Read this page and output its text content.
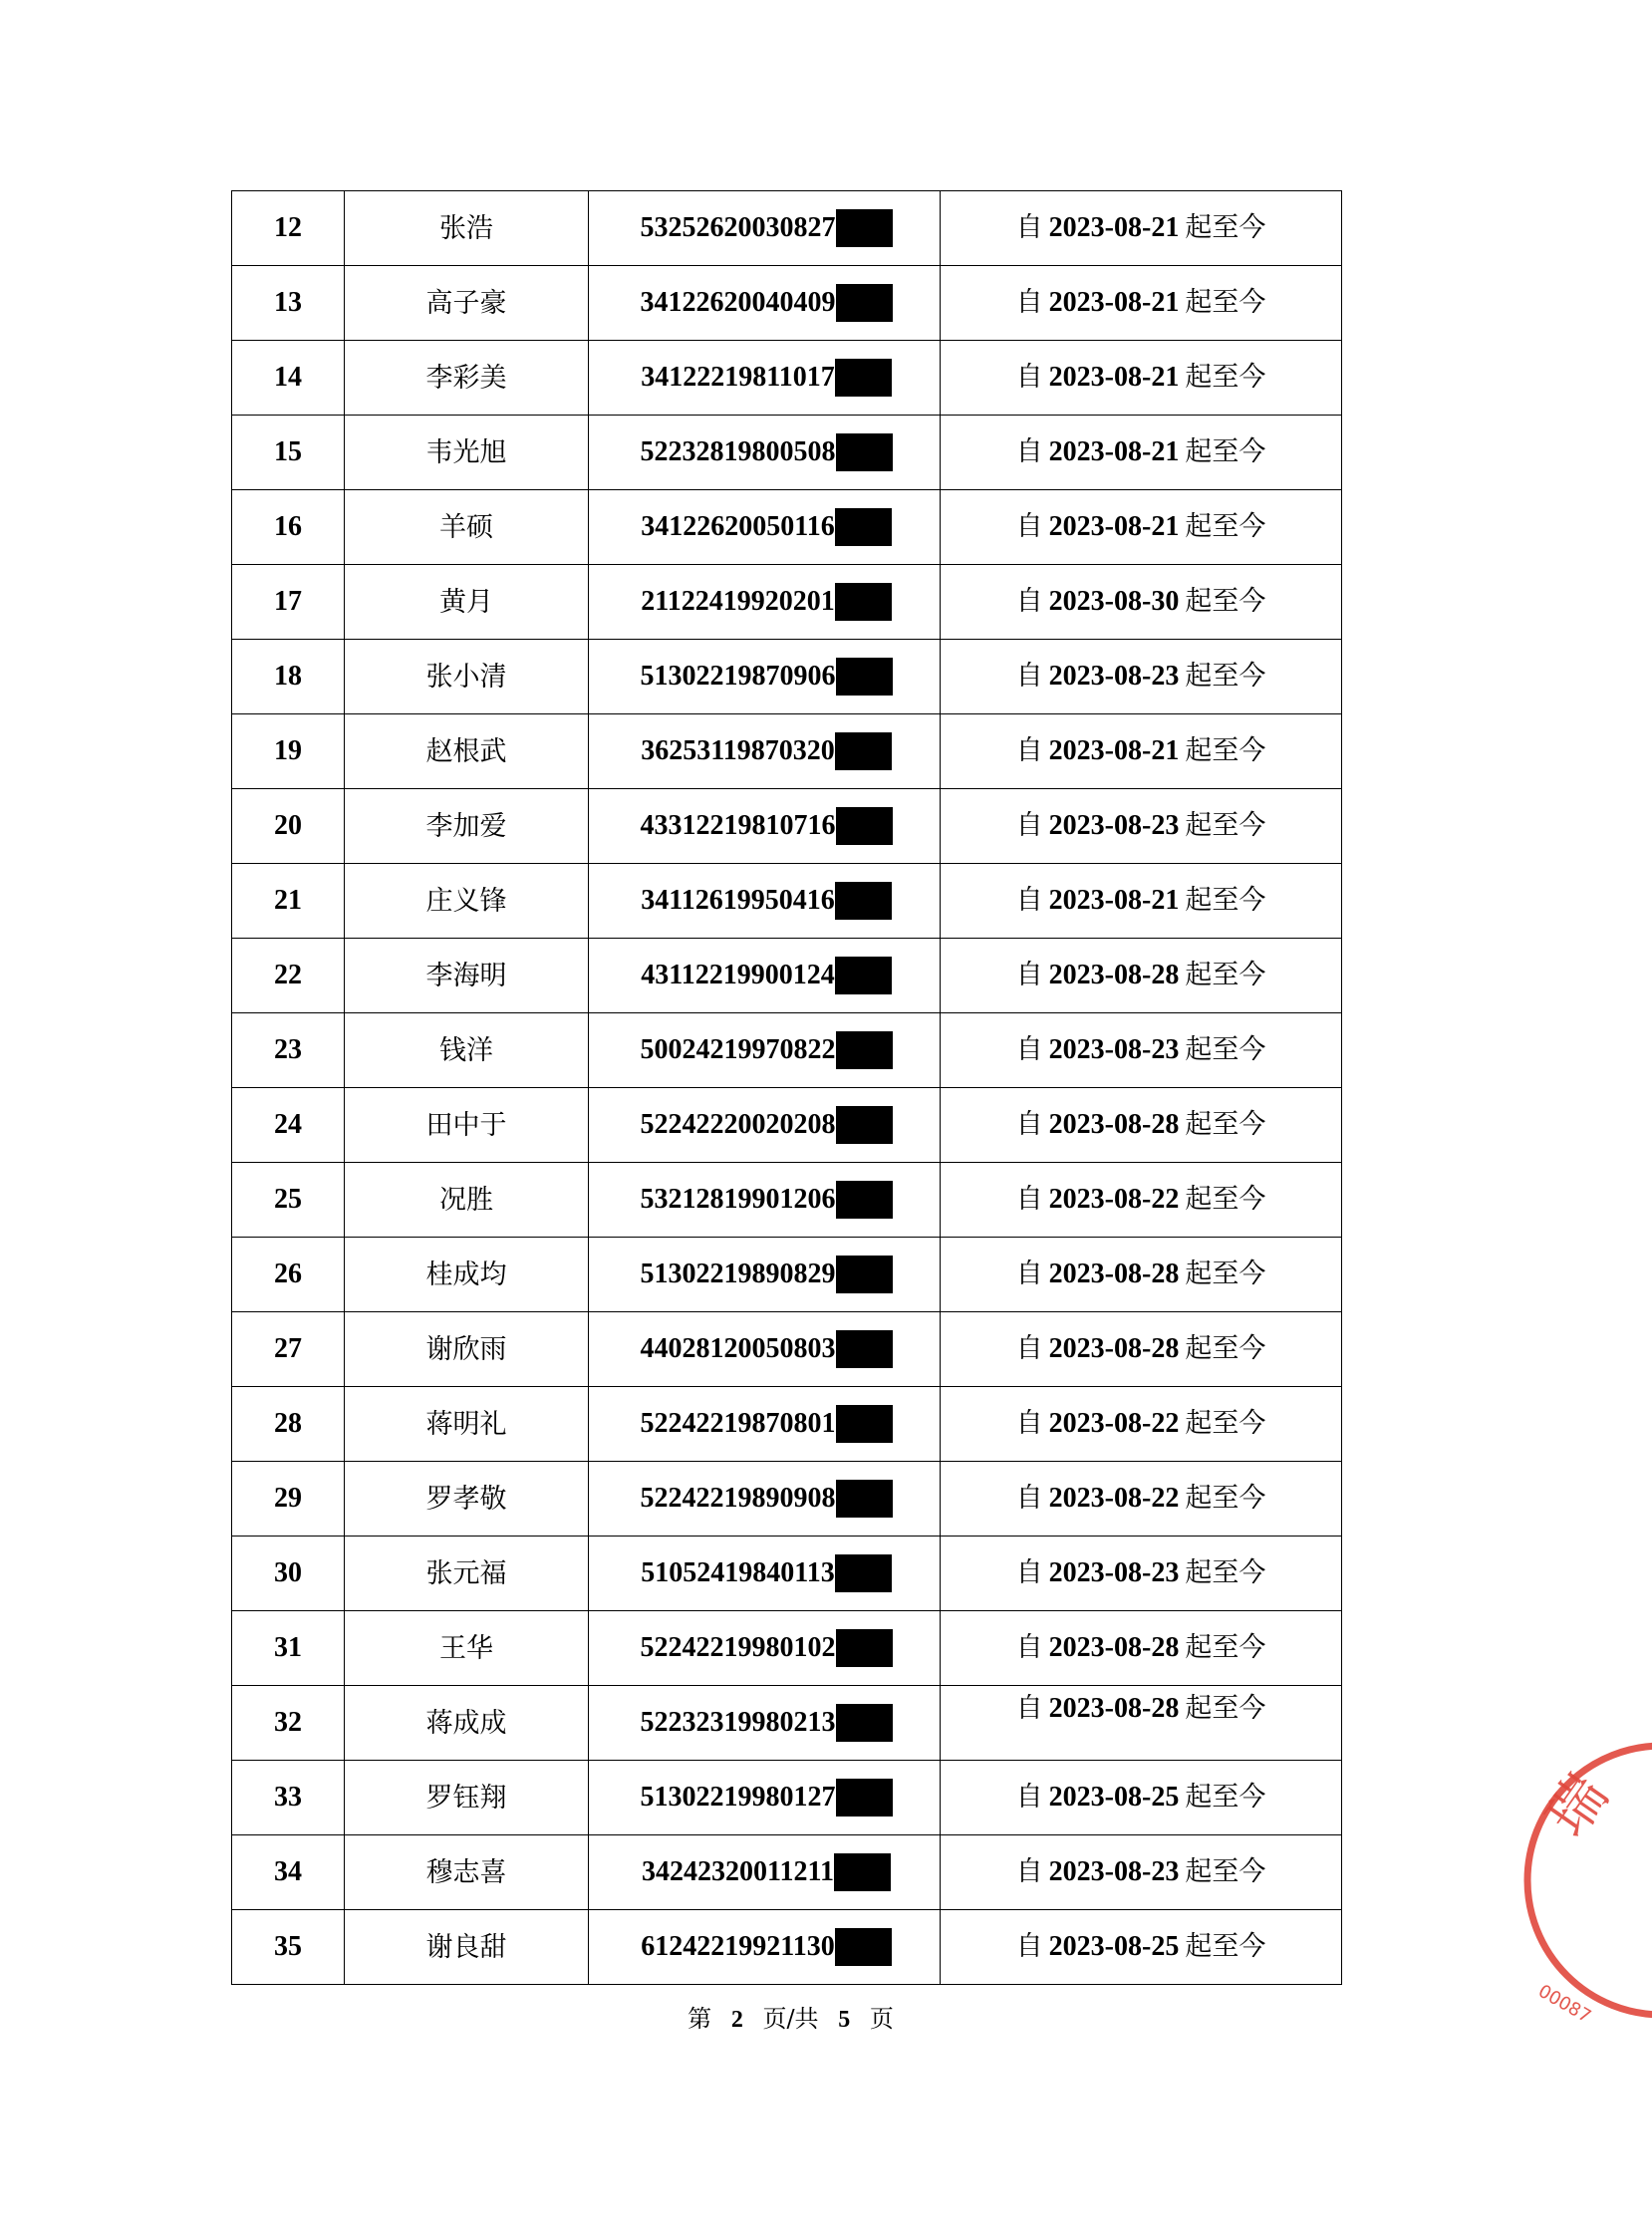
12	张浩	53252620030827	自 2023-08-21 起至今
13	高子豪	34122620040409	自 2023-08-21 起至今
14	李彩美	34122219811017	自 2023-08-21 起至今
15	韦光旭	52232819800508	自 2023-08-21 起至今
16	羊硕	34122620050116	自 2023-08-21 起至今
17	黄月	21122419920201	自 2023-08-30 起至今
18	张小清	51302219870906	自 2023-08-23 起至今
19	赵根武	36253119870320	自 2023-08-21 起至今
20	李加爱	43312219810716	自 2023-08-23 起至今
21	庄义锋	34112619950416	自 2023-08-21 起至今
22	李海明	43112219900124	自 2023-08-28 起至今
23	钱洋	50024219970822	自 2023-08-23 起至今
24	田中于	52242220020208	自 2023-08-28 起至今
25	况胜	53212819901206	自 2023-08-22 起至今
26	桂成均	51302219890829	自 2023-08-28 起至今
27	谢欣雨	44028120050803	自 2023-08-28 起至今
28	蒋明礼	52242219870801	自 2023-08-22 起至今
29	罗孝敬	52242219890908	自 2023-08-22 起至今
30	张元福	51052419840113	自 2023-08-23 起至今
31	王华	52242219980102	自 2023-08-28 起至今
32	蒋成成	52232319980213	自 2023-08-28 起至今
33	罗钰翔	51302219980127	自 2023-08-25 起至今
34	穆志喜	34242320011211	自 2023-08-23 起至今
35	谢良甜	61242219921130	自 2023-08-25 起至今
第 2 页/共 5 页
瑞
00087
